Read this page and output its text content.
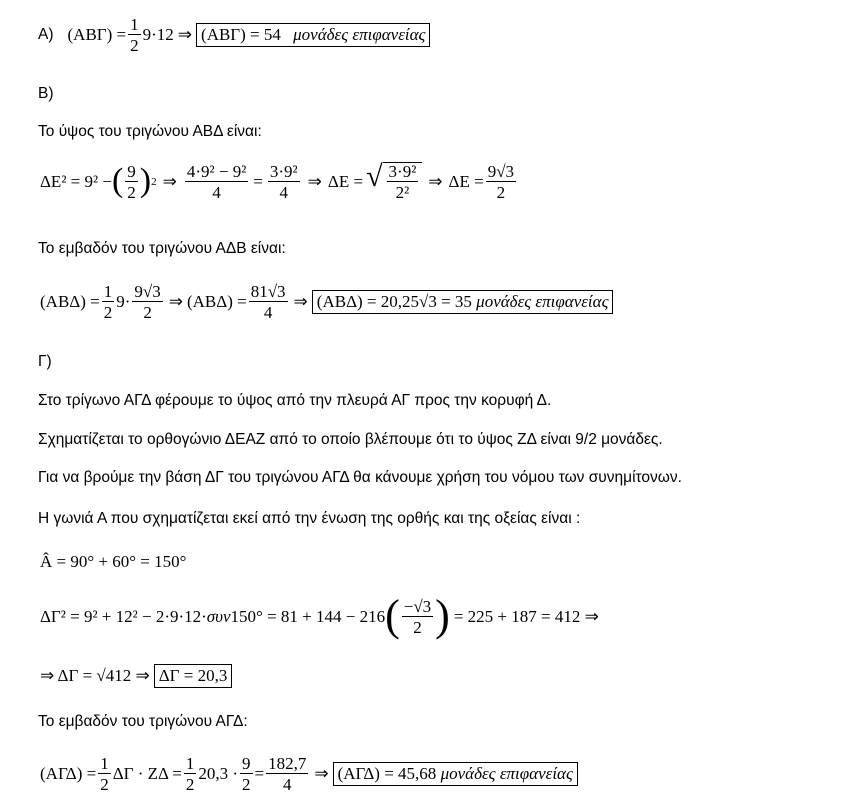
Α) $(AB\Gamma) = \frac{1}{2} 9\cdot 12$ ⇒ (ΑΒΓ) = 54 μονάδες επιφανείας
Β)
Το ύψος του τριγώνου ΑΒΔ είναι:
ΔΕ² = 9² − ( $\frac{9}{2}$ ) 2 ⇒ $\frac{\text{4·9² − 9²}}{4} = \frac{\text{3·9²}}{4}$ ⇒ ΔΕ = √ $\frac{\text{3·9²}}{\text{2²}}$ ⇒ $\Delta E = \frac{9√3}{2}$
Το εμβαδόν του τριγώνου ΑΔΒ είναι:
$(AB\Delta) = \frac{1}{2} 9\cdot \frac{9√3}{2}$ ⇒ $(AB\Delta) = \frac{81√3}{4}$ ⇒ (ΑΒΔ) = 20,25√3 = 35 μονάδες επιφανείας
Γ)
Στο τρίγωνο ΑΓΔ φέρουμε το ύψος από την πλευρά ΑΓ προς την κορυφή Δ.
Σχηματίζεται το ορθογώνιο ΔΕΑΖ από το οποίο βλέπουμε ότι το ύψος ΖΔ είναι 9/2 μονάδες.
Για να βρούμε την βάση ΔΓ του τριγώνου ΑΓΔ θα κάνουμε χρήση του νόμου των συνημίτονων.
Η γωνιά Α που σχηματίζεται εκεί από την ένωση της ορθής και της οξείας είναι :
Â = 90° + 60° = 150°
ΔΓ² = 9² + 12² − 2·9·12· συν 150° = 81 + 144 − 216 ( $\frac{-√3}{2}$ ) = 225 + 187 = 412 ⇒
⇒ ΔΓ = √412 ⇒ ΔΓ = 20,3
Το εμβαδόν του τριγώνου ΑΓΔ:
$(A\Gamma\Delta) = \frac{1}{2}$ $\Delta\Gamma \cdot Z\Delta = \frac{1}{2} 20,3 \cdot \frac{9}{2} = \frac{182,7}{4}$ ⇒ (ΑΓΔ) = 45,68 μονάδες επιφανείας
